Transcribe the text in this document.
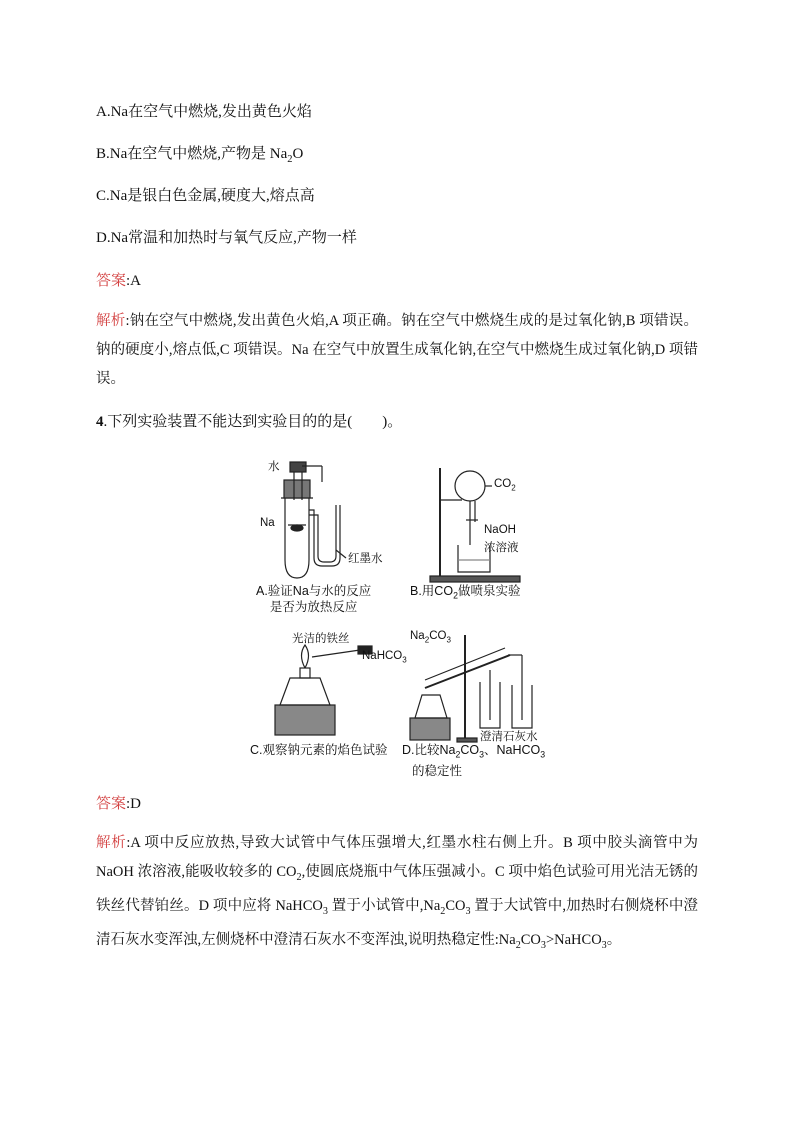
A.Na在空气中燃烧,发出黄色火焰
B.Na在空气中燃烧,产物是 $Na_2O$
C.Na是银白色金属,硬度大,熔点高
D.Na常温和加热时与氧气反应,产物一样
答案:A
解析:钠在空气中燃烧,发出黄色火焰,A 项正确。钠在空气中燃烧生成的是过氧化钠,B 项错误。钠的硬度小,熔点低,C 项错误。Na 在空气中放置生成氧化钠,在空气中燃烧生成过氧化钠,D 项错误。
4.下列实验装置不能达到实验目的的是(　　)。
水
Na
红墨水
A.验证Na与水的反应
是否为放热反应
$CO_2$
NaOH
浓溶液
B.用$CO_2$做喷泉实验
光洁的铁丝
C.观察钠元素的焰色试验
$Na_2CO_3$
NaHCO$_3$
澄清石灰水
D.比较$Na_2CO_3$、NaHCO$_3$
的稳定性
答案:D
解析:A 项中反应放热,导致大试管中气体压强增大,红墨水柱右侧上升。B 项中胶头滴管中为 NaOH 浓溶液,能吸收较多的 $CO_2$,使圆底烧瓶中气体压强减小。C 项中焰色试验可用光洁无锈的铁丝代替铂丝。D 项中应将 NaHCO$_3$ 置于小试管中$,Na_2CO_3$ 置于大试管中,加热时右侧烧杯中澄清石灰水变浑浊,左侧烧杯中澄清石灰水不变浑浊,说明热稳定性$:Na_2CO_3>NaHCO_3$。
